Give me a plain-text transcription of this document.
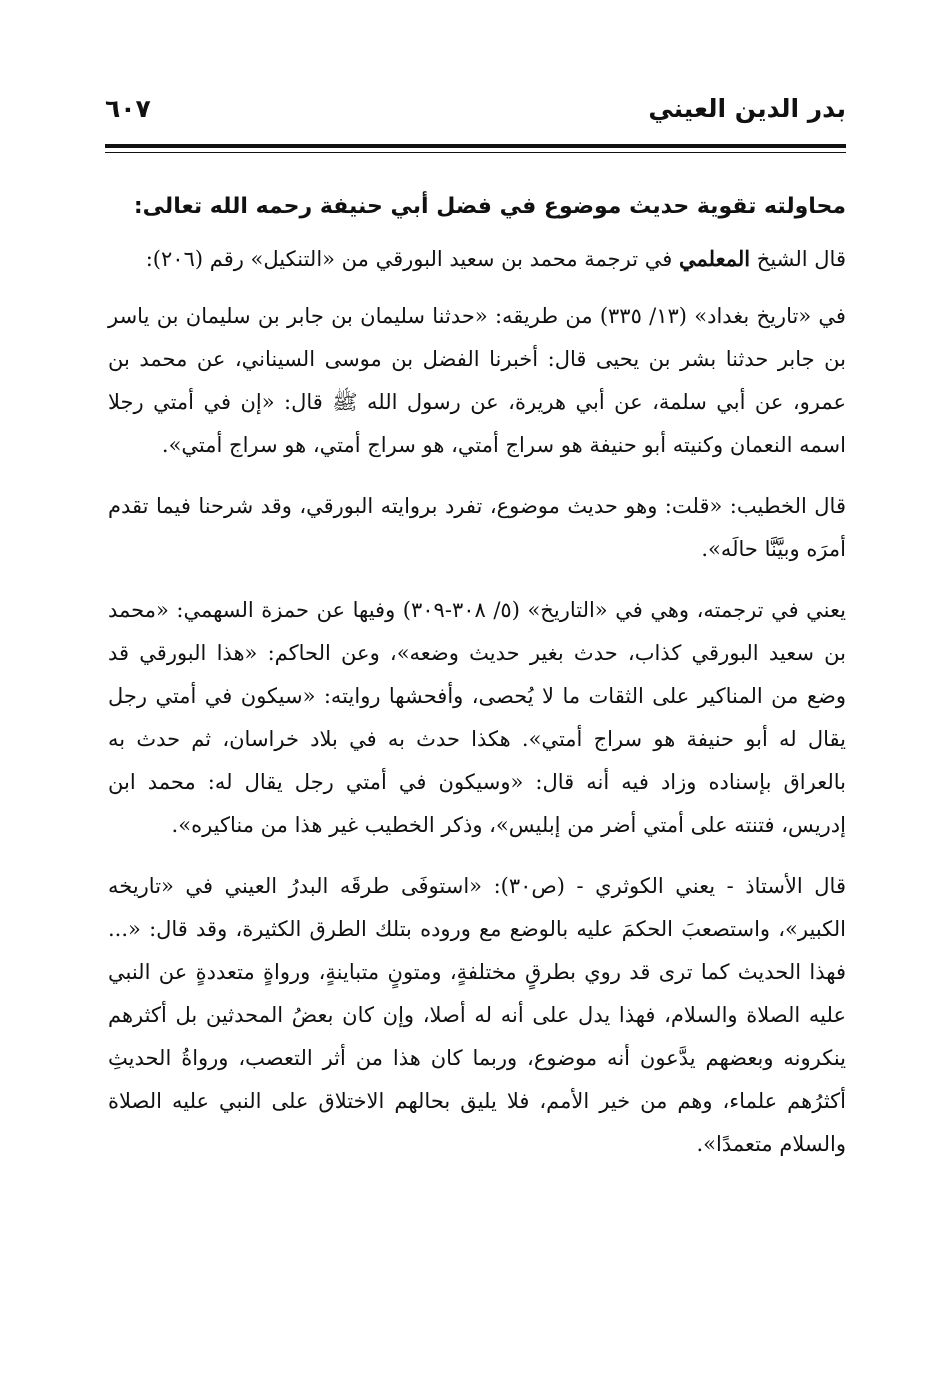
بدر الدين العيني
٦٠٧
محاولته تقوية حديث موضوع في فضل أبي حنيفة رحمه الله تعالى:

قال الشيخ المعلمي في ترجمة محمد بن سعيد البورقي من «التنكيل» رقم (٢٠٦):

في «تاريخ بغداد» (١٣/ ٣٣٥) من طريقه: «حدثنا سليمان بن جابر بن سليمان بن ياسر بن جابر حدثنا بشر بن يحيى قال: أخبرنا الفضل بن موسى السيناني، عن محمد بن عمرو، عن أبي سلمة، عن أبي هريرة، عن رسول الله ﷺ قال: «إن في أمتي رجلا اسمه النعمان وكنيته أبو حنيفة هو سراج أمتي، هو سراج أمتي، هو سراج أمتي».

قال الخطيب: «قلت: وهو حديث موضوع، تفرد بروايته البورقي، وقد شرحنا فيما تقدم أمرَه وبيَّنَّا حالَه».

يعني في ترجمته، وهي في «التاريخ» (٥/ ٣٠٨-٣٠٩) وفيها عن حمزة السهمي: «محمد بن سعيد البورقي كذاب، حدث بغير حديث وضعه»، وعن الحاكم: «هذا البورقي قد وضع من المناكير على الثقات ما لا يُحصى، وأفحشها روايته: «سيكون في أمتي رجل يقال له أبو حنيفة هو سراج أمتي». هكذا حدث به في بلاد خراسان، ثم حدث به بالعراق بإسناده وزاد فيه أنه قال: «وسيكون في أمتي رجل يقال له: محمد ابن إدريس، فتنته على أمتي أضر من إبليس»، وذكر الخطيب غير هذا من مناكيره».

قال الأستاذ - يعني الكوثري - (ص٣٠): «استوفَى طرقَه البدرُ العيني في «تاريخه الكبير»، واستصعبَ الحكمَ عليه بالوضع مع وروده بتلك الطرق الكثيرة، وقد قال: «... فهذا الحديث كما ترى قد روي بطرقٍ مختلفةٍ، ومتونٍ متباينةٍ، ورواةٍ متعددةٍ عن النبي عليه الصلاة والسلام، فهذا يدل على أنه له أصلا، وإن كان بعضُ المحدثين بل أكثرهم ينكرونه وبعضهم يدَّعون أنه موضوع، وربما كان هذا من أثر التعصب، ورواةُ الحديثِ أكثرُهم علماء، وهم من خير الأمم، فلا يليق بحالهم الاختلاق على النبي عليه الصلاة والسلام متعمدًا».
